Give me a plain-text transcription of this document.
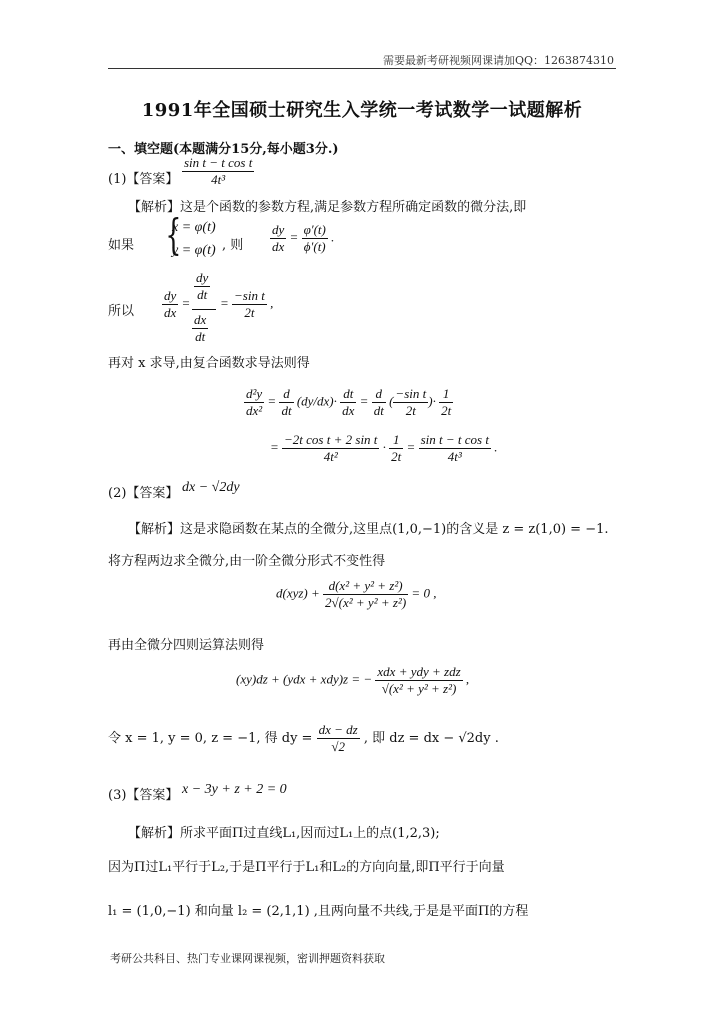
需要最新考研视频网课请加QQ：1263874310
1991年全国硕士研究生入学统一考试数学一试题解析
一、填空题(本题满分15分,每小题3分.)
(1)【答案】 $\frac{\text{sin t − t cos t}}{\text{4t³}}$
【解析】这是个函数的参数方程,满足参数方程所确定函数的微分法,即
如果 {
x = φ(t)
y = φ(t) , 则 $\frac{dy}{dx} = \frac{\varphi'(t)}{\phi'(t)}$ .
所以 $\frac{dy}{dx} = \frac{dy}{dt}$
$\frac{dx}{dt}$
= $\frac{\text{−sin t}}{2t}$ ,
再对 x 求导,由复合函数求导法则得
$\frac{\text{d²y}}{\text{dx²}} = \frac{d}{dt} (dy/dx)\cdot \frac{dt}{dx} = \frac{d}{dt}$ ( $\frac{\text{−sin t}}{2t}$ )· $\frac{1}{2t}$
= $\frac{\text{−2t cos t + 2 sin t}}{\text{4t²}} \cdot \frac{1}{2t} = \frac{\text{sin t − t cos t}}{\text{4t³}}$ .
(2)【答案】 dx − √2dy
【解析】这是求隐函数在某点的全微分,这里点(1,0,−1)的含义是 z = z(1,0) = −1.
将方程两边求全微分,由一阶全微分形式不变性得
$d(xyz) + \frac{\text{d(x² + y² + z²)}}{\text{2√(x² + y² + z²)}} = 0$ ,
再由全微分四则运算法则得
(xy)dz + (ydx + xdy)z = − $\frac{\text{xdx + ydy + zdz}}{\text{√(x² + y² + z²)}}$ ,
令 x = 1, y = 0, z = −1, 得 dy = $\frac{dx - dz}{√2}$ , 即 dz = dx − √2dy .
(3)【答案】 x − 3y + z + 2 = 0
【解析】所求平面Π过直线L₁,因而过L₁上的点(1,2,3);
因为Π过L₁平行于L₂,于是Π平行于L₁和L₂的方向向量,即Π平行于向量
l₁ = (1,0,−1) 和向量 l₂ = (2,1,1) ,且两向量不共线,于是是平面Π的方程
考研公共科目、热门专业课网课视频，密训押题资料获取
